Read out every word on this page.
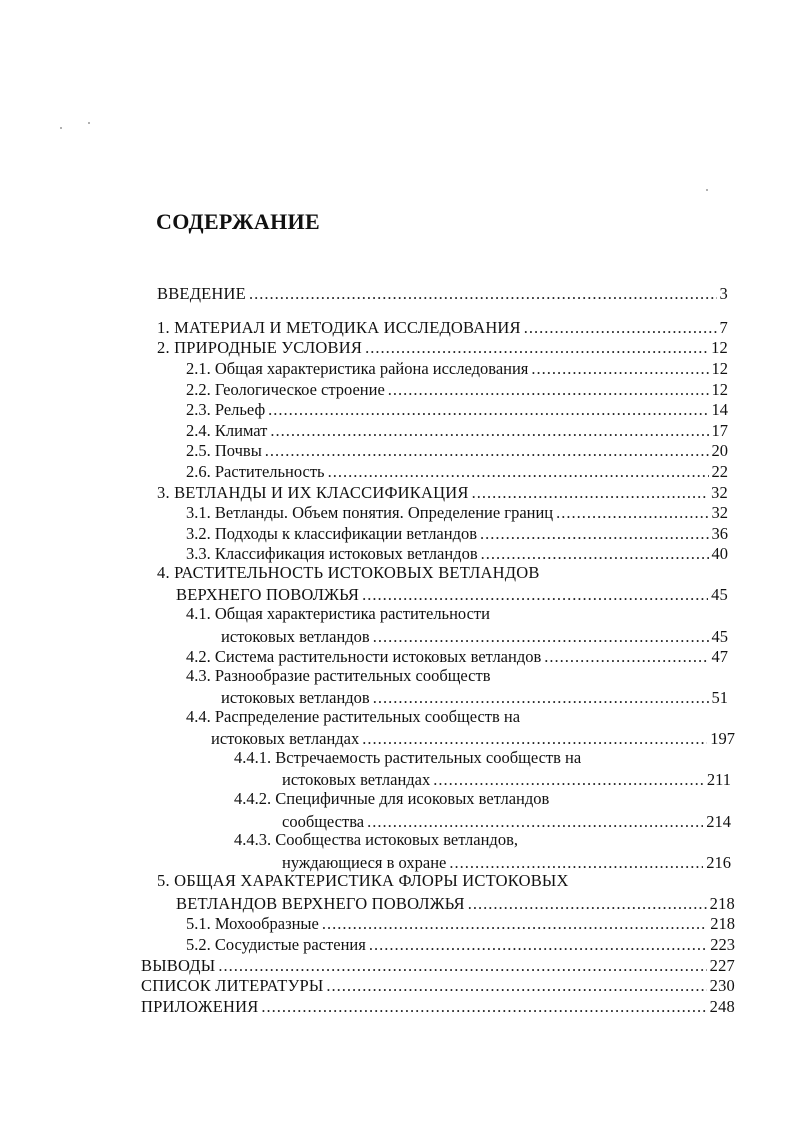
СОДЕРЖАНИЕ
ВВЕДЕНИЕ .....	3
1. МАТЕРИАЛ И МЕТОДИКА ИССЛЕДОВАНИЯ .....	7
2. ПРИРОДНЫЕ УСЛОВИЯ .....	12
2.1. Общая характеристика района исследования .....	12
2.2. Геологическое строение .....	12
2.3. Рельеф .....	14
2.4. Климат .....	17
2.5. Почвы .....	20
2.6. Растительность .....	22
3. ВЕТЛАНДЫ И ИХ КЛАССИФИКАЦИЯ .....	32
3.1. Ветланды. Объем понятия. Определение границ .....	32
3.2. Подходы к классификации ветландов .....	36
3.3. Классификация истоковых ветландов .....	40
4. РАСТИТЕЛЬНОСТЬ ИСТОКОВЫХ ВЕТЛАНДОВ
ВЕРХНЕГО ПОВОЛЖЬЯ .....	45
4.1. Общая характеристика растительности
истоковых ветландов .....	45
4.2. Система растительности истоковых ветландов .....	47
4.3. Разнообразие растительных сообществ
истоковых ветландов .....	51
4.4. Распределение растительных сообществ на
истоковых ветландах .....	197
4.4.1. Встречаемость растительных сообществ на
истоковых ветландах .....	211
4.4.2. Специфичные для исоковых ветландов
сообщества .....	214
4.4.3. Сообщества истоковых ветландов,
нуждающиеся в охране .....	216
5. ОБЩАЯ ХАРАКТЕРИСТИКА ФЛОРЫ ИСТОКОВЫХ
ВЕТЛАНДОВ ВЕРХНЕГО ПОВОЛЖЬЯ .....	218
5.1. Мохообразные .....	218
5.2. Сосудистые растения .....	223
ВЫВОДЫ .....	227
СПИСОК ЛИТЕРАТУРЫ .....	230
ПРИЛОЖЕНИЯ .....	248
